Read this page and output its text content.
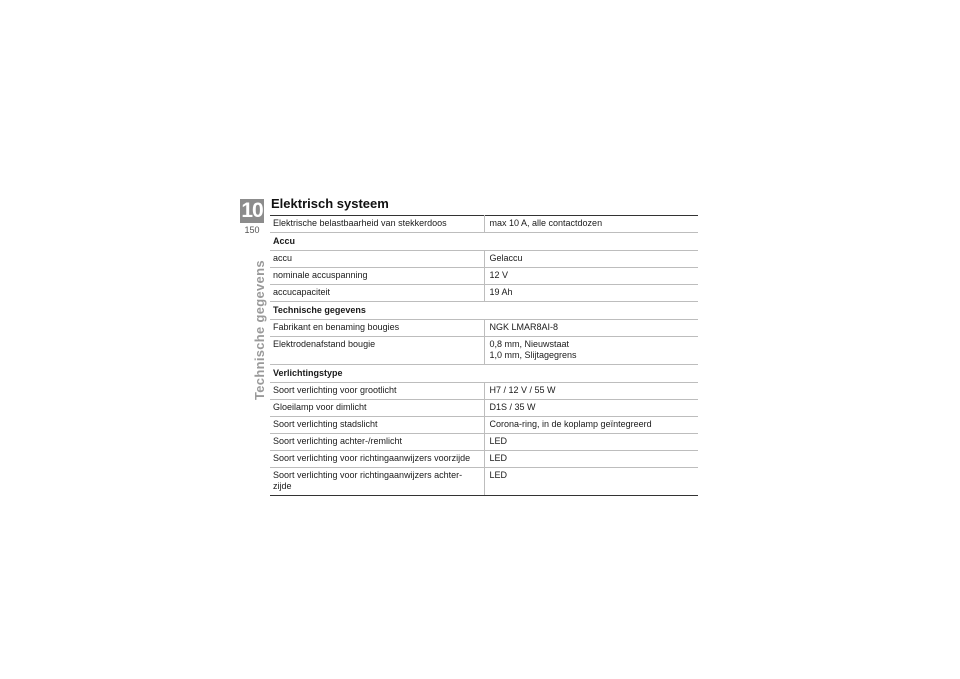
10
150
Technische gegevens
Elektrisch systeem
Elektrische belastbaarheid van stekkerdoos	max 10 A, alle contactdozen
Accu	
accu	Gelaccu
nominale accuspanning	12 V
accucapaciteit	19 Ah
Technische gegevens	
Fabrikant en benaming bougies	NGK LMAR8AI-8
Elektrodenafstand bougie	0,8 mm, Nieuwstaat
1,0 mm, Slijtagegrens

Verlichtingstype	
Soort verlichting voor grootlicht	H7 / 12 V / 55 W
Gloeilamp voor dimlicht	D1S / 35 W
Soort verlichting stadslicht	Corona-ring, in de koplamp geïntegreerd
Soort verlichting achter-/remlicht	LED
Soort verlichting voor richtingaanwijzers voorzijde	LED

Soort verlichting voor richtingaanwijzers achter-
zijde	LED
